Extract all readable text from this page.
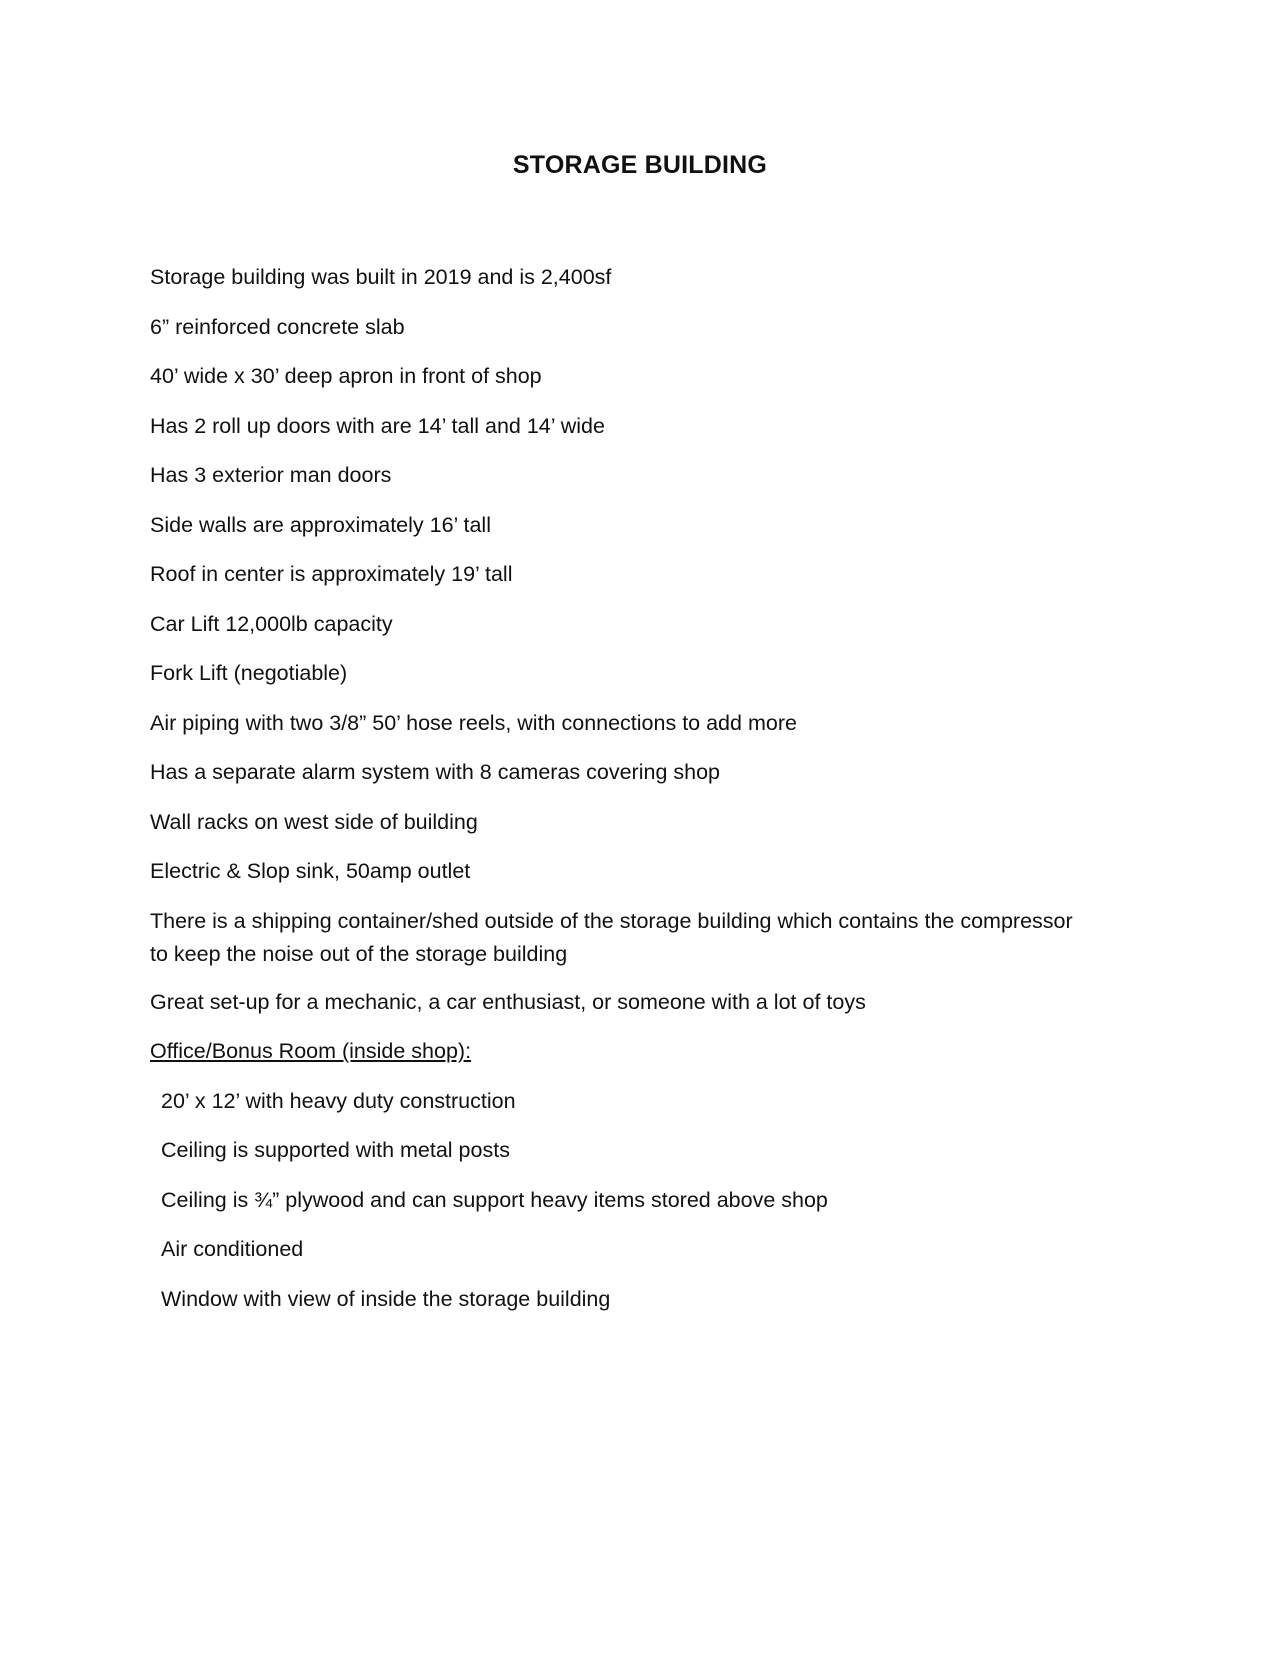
STORAGE BUILDING

Storage building was built in 2019 and is 2,400sf

6” reinforced concrete slab

40’ wide x 30’ deep apron in front of shop

Has 2 roll up doors with are 14’ tall and 14’ wide

Has 3 exterior man doors

Side walls are approximately 16’ tall

Roof in center is approximately 19’ tall

Car Lift 12,000lb capacity

Fork Lift (negotiable)

Air piping with two 3/8” 50’ hose reels, with connections to add more

Has a separate alarm system with 8 cameras covering shop

Wall racks on west side of building

Electric & Slop sink, 50amp outlet

There is a shipping container/shed outside of the storage building which contains the compressor to keep the noise out of the storage building

Great set-up for a mechanic, a car enthusiast, or someone with a lot of toys

Office/Bonus Room (inside shop):

20’ x 12’ with heavy duty construction

Ceiling is supported with metal posts

Ceiling is ¾” plywood and can support heavy items stored above shop

Air conditioned

Window with view of inside the storage building
